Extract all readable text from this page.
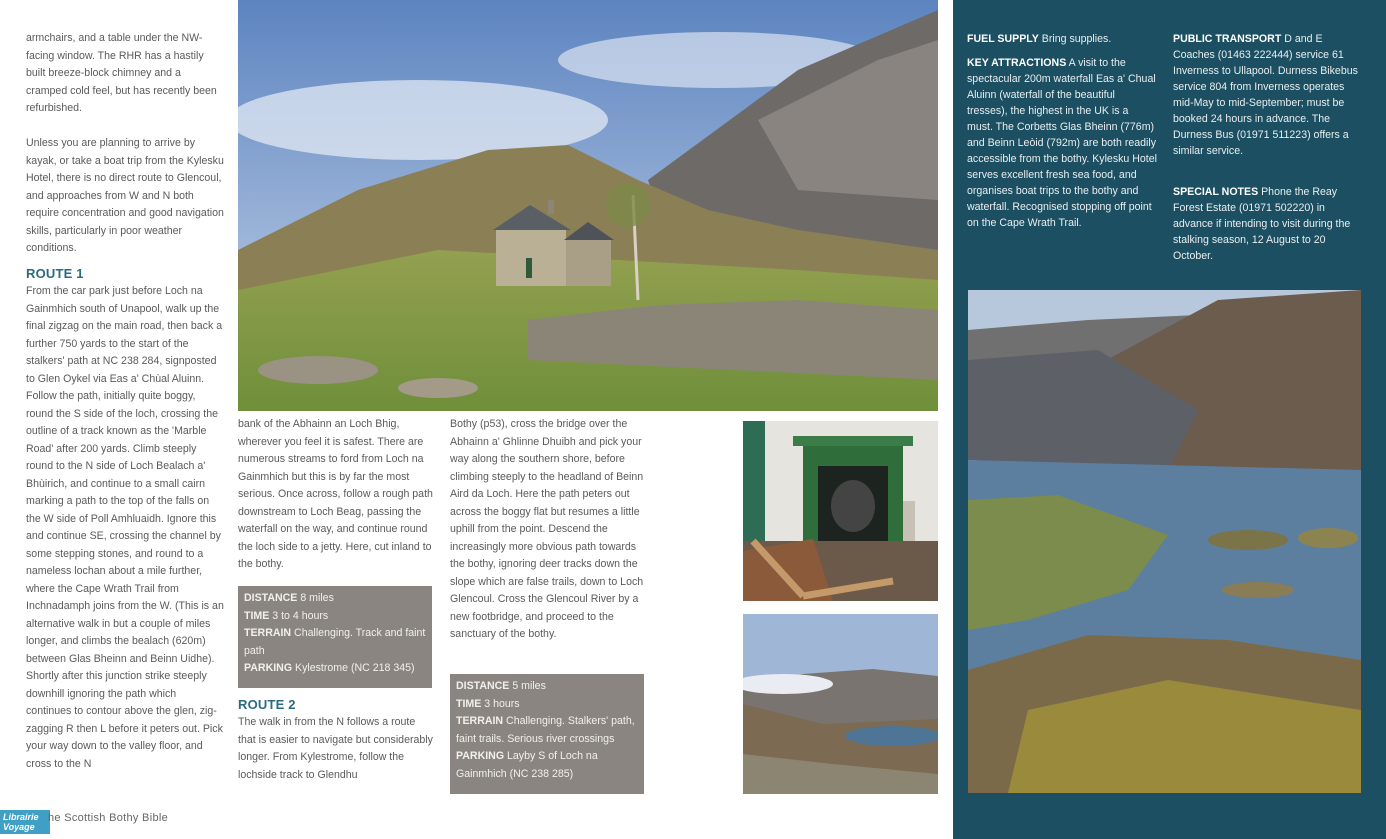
armchairs, and a table under the NW-facing window. The RHR has a hastily built breeze-block chimney and a cramped cold feel, but has recently been refurbished.
Unless you are planning to arrive by kayak, or take a boat trip from the Kylesku Hotel, there is no direct route to Glencoul, and approaches from W and N both require concentration and good navigation skills, particularly in poor weather conditions.
ROUTE 1
From the car park just before Loch na Gainmhich south of Unapool, walk up the final zigzag on the main road, then back a further 750 yards to the start of the stalkers' path at NC 238 284, signposted to Glen Oykel via Eas a' Chùal Aluinn. Follow the path, initially quite boggy, round the S side of the loch, crossing the outline of a track known as the 'Marble Road' after 200 yards. Climb steeply round to the N side of Loch Bealach a' Bhùirich, and continue to a small cairn marking a path to the top of the falls on the W side of Poll Amhluaidh. Ignore this and continue SE, crossing the channel by some stepping stones, and round to a nameless lochan about a mile further, where the Cape Wrath Trail from Inchnadamph joins from the W. (This is an alternative walk in but a couple of miles longer, and climbs the bealach (620m) between Glas Bheinn and Beinn Uidhe). Shortly after this junction strike steeply downhill ignoring the path which continues to contour above the glen, zig-zagging R then L before it peters out. Pick your way down to the valley floor, and cross to the N
bank of the Abhainn an Loch Bhig, wherever you feel it is safest. There are numerous streams to ford from Loch na Gainmhich but this is by far the most serious. Once across, follow a rough path downstream to Loch Beag, passing the waterfall on the way, and continue round the loch side to a jetty. Here, cut inland to the bothy.
DISTANCE 8 miles
TIME 3 to 4 hours
TERRAIN Challenging. Track and faint path
PARKING Kylestrome (NC 218 345)
ROUTE 2
The walk in from the N follows a route that is easier to navigate but considerably longer. From Kylestrome, follow the lochside track to Glendhu
Bothy (p53), cross the bridge over the Abhainn a' Ghlinne Dhuibh and pick your way along the southern shore, before climbing steeply to the headland of Beinn Aird da Loch. Here the path peters out across the boggy flat but resumes a little uphill from the point. Descend the increasingly more obvious path towards the bothy, ignoring deer tracks down the slope which are false trails, down to Loch Glencoul. Cross the Glencoul River by a new footbridge, and proceed to the sanctuary of the bothy.
DISTANCE 5 miles
TIME 3 hours
TERRAIN Challenging. Stalkers' path, faint trails. Serious river crossings
PARKING Layby S of Loch na Gainmhich (NC 238 285)
FUEL SUPPLY Bring supplies.
KEY ATTRACTIONS A visit to the spectacular 200m waterfall Eas a' Chual Aluinn (waterfall of the beautiful tresses), the highest in the UK is a must. The Corbetts Glas Bheinn (776m) and Beinn Leòid (792m) are both readily accessible from the bothy. Kylesku Hotel serves excellent fresh sea food, and organises boat trips to the bothy and waterfall. Recognised stopping off point on the Cape Wrath Trail.
PUBLIC TRANSPORT D and E Coaches (01463 222444) service 61 Inverness to Ullapool. Durness Bikebus service 804 from Inverness operates mid-May to mid-September; must be booked 24 hours in advance. The Durness Bus (01971 511223) offers a similar service.
SPECIAL NOTES Phone the Reay Forest Estate (01971 502220) in advance if intending to visit during the stalking season, 12 August to 20 October.
Librairie
Voyage
he Scottish Bothy Bible
